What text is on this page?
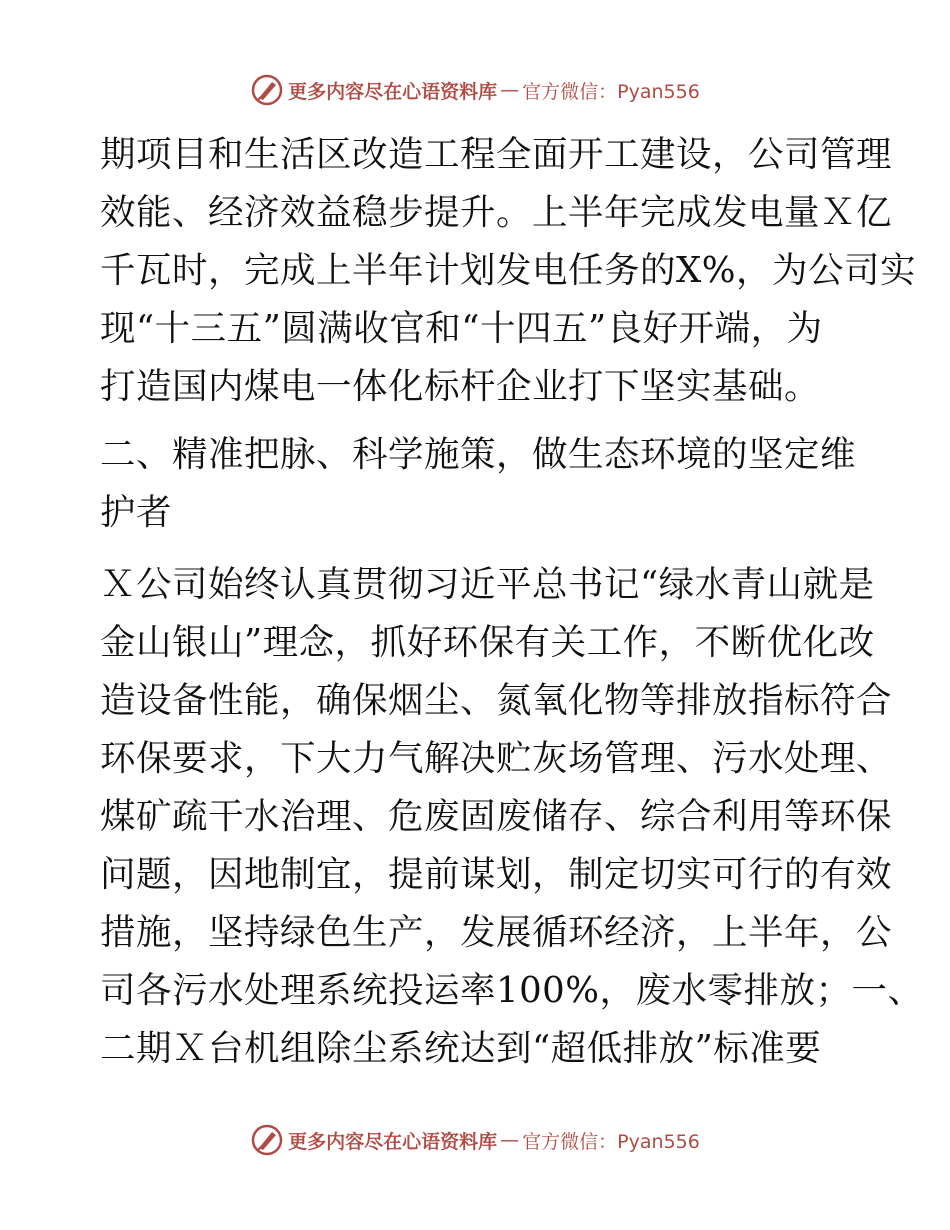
更多内容尽在心语资料库 — 官方微信：Pyan556
期项目和生活区改造工程全面开工建设，公司管理
效能、经济效益稳步提升。上半年完成发电量Ｘ亿
千瓦时，完成上半年计划发电任务的X%，为公司实
现“十三五”圆满收官和“十四五”良好开端，为
打造国内煤电一体化标杆企业打下坚实基础。
二、精准把脉、科学施策，做生态环境的坚定维
护者
Ｘ公司始终认真贯彻习近平总书记“绿水青山就是
金山银山”理念，抓好环保有关工作，不断优化改
造设备性能，确保烟尘、氮氧化物等排放指标符合
环保要求，下大力气解决贮灰场管理、污水处理、
煤矿疏干水治理、危废固废储存、综合利用等环保
问题，因地制宜，提前谋划，制定切实可行的有效
措施，坚持绿色生产，发展循环经济，上半年，公
司各污水处理系统投运率100%，废水零排放；一、
二期Ｘ台机组除尘系统达到“超低排放”标准要
更多内容尽在心语资料库 — 官方微信：Pyan556
